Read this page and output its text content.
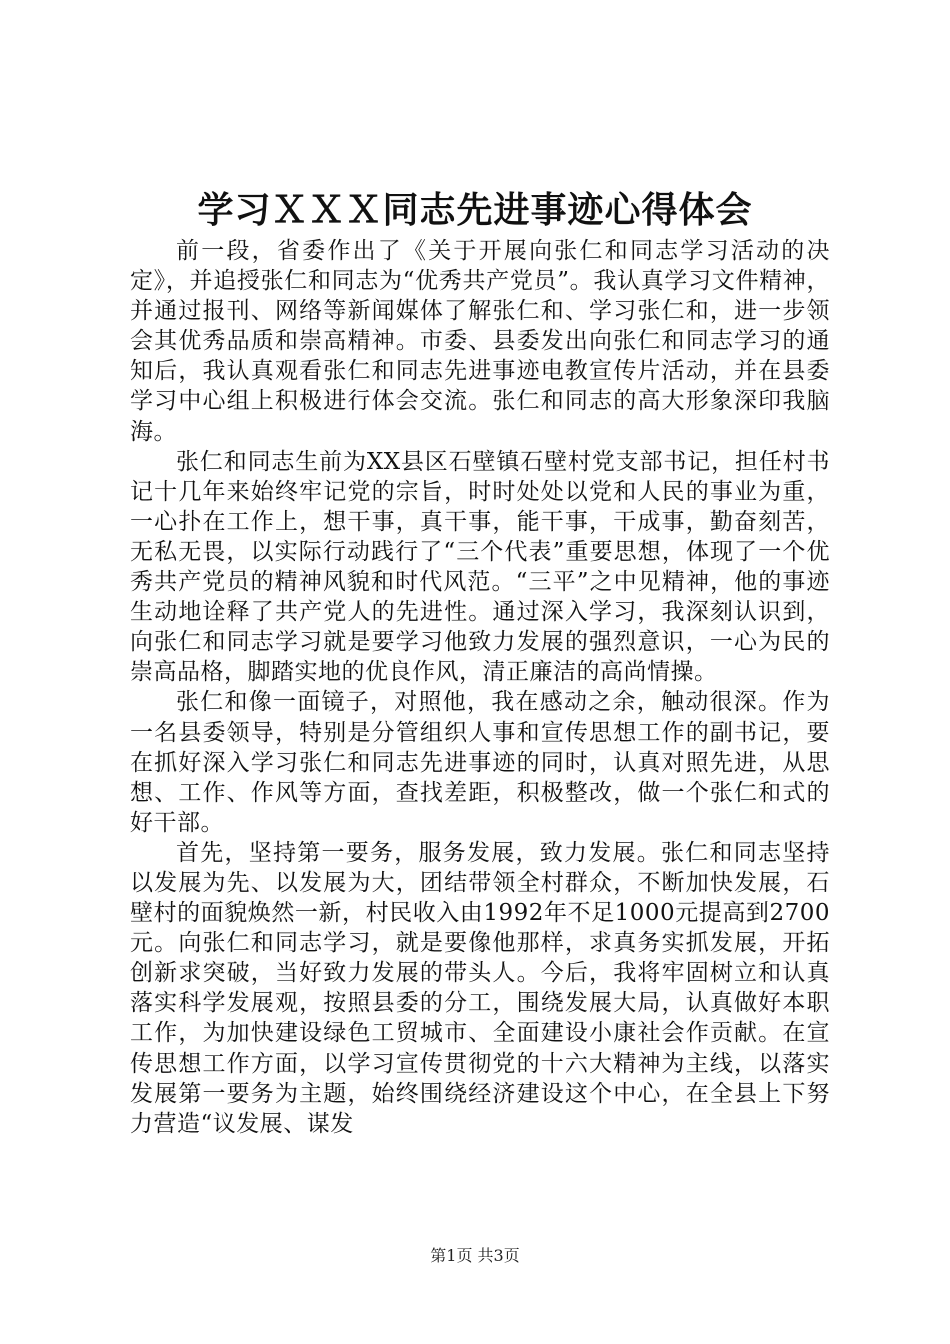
学习ＸＸＸ同志先进事迹心得体会

前一段，省委作出了《关于开展向张仁和同志学习活动的决定》，并追授张仁和同志为“优秀共产党员”。我认真学习文件精神，并通过报刊、网络等新闻媒体了解张仁和、学习张仁和，进一步领会其优秀品质和崇高精神。市委、县委发出向张仁和同志学习的通知后，我认真观看张仁和同志先进事迹电教宣传片活动，并在县委学习中心组上积极进行体会交流。张仁和同志的高大形象深印我脑海。

张仁和同志生前为XX县区石壁镇石壁村党支部书记，担任村书记十几年来始终牢记党的宗旨，时时处处以党和人民的事业为重，一心扑在工作上，想干事，真干事，能干事，干成事，勤奋刻苦，无私无畏，以实际行动践行了“三个代表”重要思想，体现了一个优秀共产党员的精神风貌和时代风范。“三平”之中见精神，他的事迹生动地诠释了共产党人的先进性。通过深入学习，我深刻认识到，向张仁和同志学习就是要学习他致力发展的强烈意识，一心为民的崇高品格，脚踏实地的优良作风，清正廉洁的高尚情操。

张仁和像一面镜子，对照他，我在感动之余，触动很深。作为一名县委领导，特别是分管组织人事和宣传思想工作的副书记，要在抓好深入学习张仁和同志先进事迹的同时，认真对照先进，从思想、工作、作风等方面，查找差距，积极整改，做一个张仁和式的好干部。

首先，坚持第一要务，服务发展，致力发展。张仁和同志坚持以发展为先、以发展为大，团结带领全村群众，不断加快发展，石壁村的面貌焕然一新，村民收入由1992年不足1000元提高到2700元。向张仁和同志学习，就是要像他那样，求真务实抓发展，开拓创新求突破，当好致力发展的带头人。今后，我将牢固树立和认真落实科学发展观，按照县委的分工，围绕发展大局，认真做好本职工作，为加快建设绿色工贸城市、全面建设小康社会作贡献。在宣传思想工作方面，以学习宣传贯彻党的十六大精神为主线，以落实发展第一要务为主题，始终围绕经济建设这个中心，在全县上下努力营造“议发展、谋发

第1页 共3页
